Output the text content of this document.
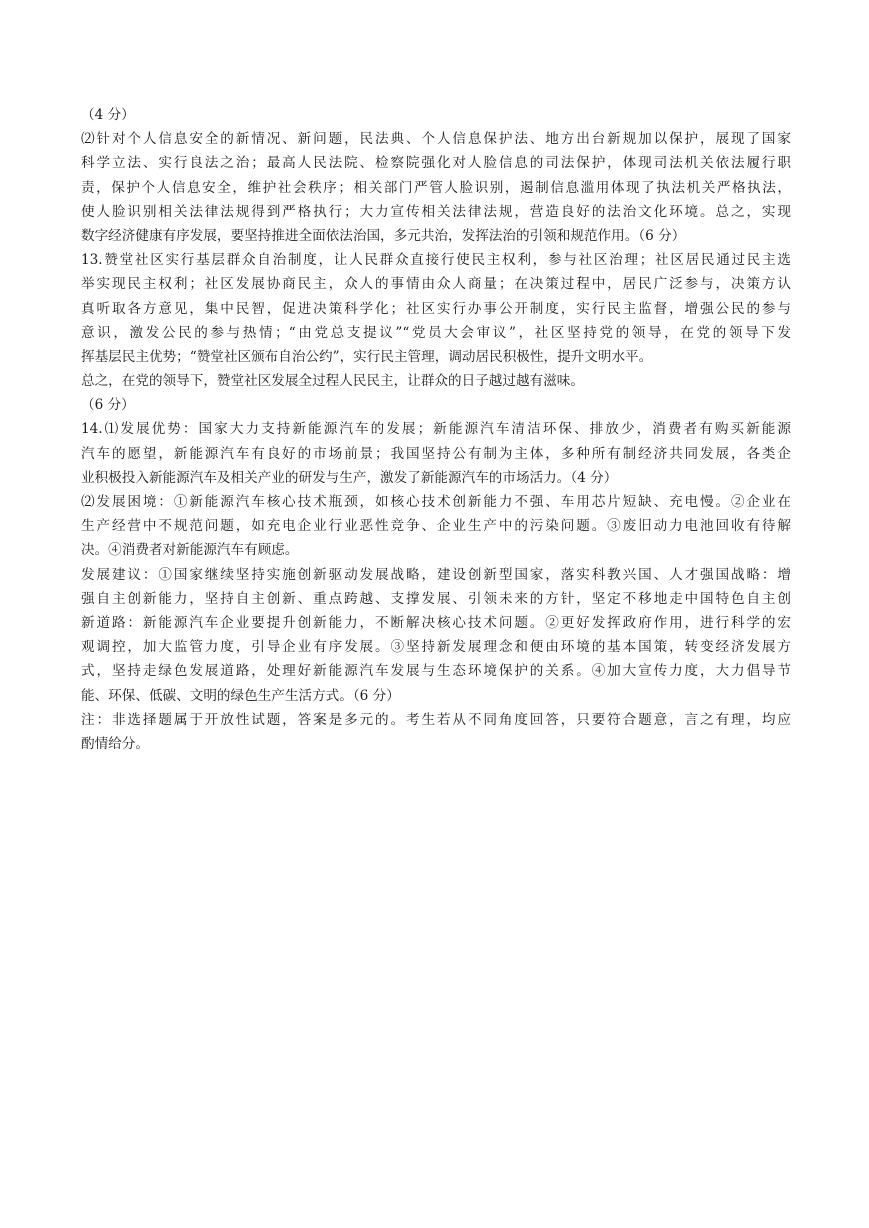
（4 分）
⑵针对个人信息安全的新情况、新问题，民法典、个人信息保护法、地方出台新规加以保护，展现了国家
科学立法、实行良法之治；最高人民法院、检察院强化对人脸信息的司法保护，体现司法机关依法履行职
责，保护个人信息安全，维护社会秩序；相关部门严管人脸识别，遏制信息滥用体现了执法机关严格执法，
使人脸识别相关法律法规得到严格执行；大力宣传相关法律法规，营造良好的法治文化环境。总之，实现
数字经济健康有序发展，要坚持推进全面依法治国，多元共治，发挥法治的引领和规范作用。（6 分）
13.赞堂社区实行基层群众自治制度，让人民群众直接行使民主权利，参与社区治理；社区居民通过民主选
举实现民主权利；社区发展协商民主，众人的事情由众人商量；在决策过程中，居民广泛参与，决策方认
真听取各方意见，集中民智，促进决策科学化；社区实行办事公开制度，实行民主监督，增强公民的参与
意识，激发公民的参与热情；“由党总支提议”“党员大会审议”，社区坚持党的领导，在党的领导下发
挥基层民主优势；“赞堂社区颁布自治公约”，实行民主管理，调动居民积极性，提升文明水平。
总之，在党的领导下，赞堂社区发展全过程人民民主，让群众的日子越过越有滋味。
（6 分）
14.⑴发展优势：国家大力支持新能源汽车的发展；新能源汽车清洁环保、排放少，消费者有购买新能源
汽车的愿望，新能源汽车有良好的市场前景；我国坚持公有制为主体，多种所有制经济共同发展，各类企
业积极投入新能源汽车及相关产业的研发与生产，激发了新能源汽车的市场活力。（4 分）
⑵发展困境：①新能源汽车核心技术瓶颈，如核心技术创新能力不强、车用芯片短缺、充电慢。②企业在
生产经营中不规范问题，如充电企业行业恶性竞争、企业生产中的污染问题。③废旧动力电池回收有待解
决。④消费者对新能源汽车有顾虑。
发展建议：①国家继续坚持实施创新驱动发展战略，建设创新型国家，落实科教兴国、人才强国战略：增
强自主创新能力，坚持自主创新、重点跨越、支撑发展、引领未来的方针，坚定不移地走中国特色自主创
新道路：新能源汽车企业要提升创新能力，不断解决核心技术问题。②更好发挥政府作用，进行科学的宏
观调控，加大监管力度，引导企业有序发展。③坚持新发展理念和便由环境的基本国策，转变经济发展方
式，坚持走绿色发展道路，处理好新能源汽车发展与生态环境保护的关系。④加大宣传力度，大力倡导节
能、环保、低碳、文明的绿色生产生活方式。（6 分）
注：非选择题属于开放性试题，答案是多元的。考生若从不同角度回答，只要符合题意，言之有理，均应
酌情给分。
